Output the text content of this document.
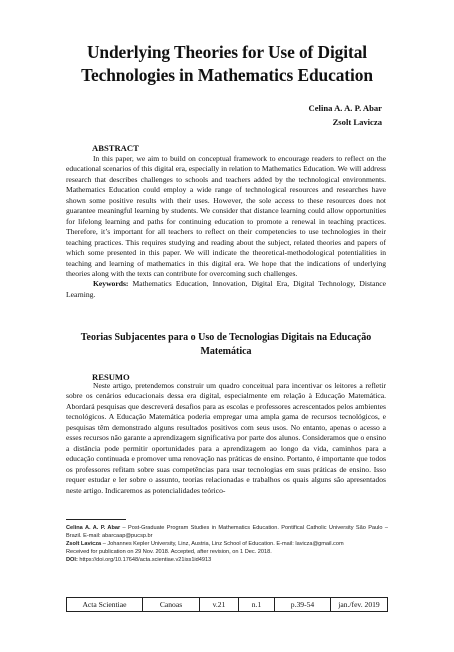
Underlying Theories for Use of Digital Technologies in Mathematics Education
Celina A. A. P. Abar
Zsolt Lavicza
ABSTRACT

In this paper, we aim to build on conceptual framework to encourage readers to reflect on the educational scenarios of this digital era, especially in relation to Mathematics Education. We will address research that describes challenges to schools and teachers added by the technological environments. Mathematics Education could employ a wide range of technological resources and researches have shown some positive results with their uses. However, the sole access to these resources does not guarantee meaningful learning by students. We consider that distance learning could allow opportunities for lifelong learning and paths for continuing education to promote a renewal in teaching practices. Therefore, it’s important for all teachers to reflect on their competencies to use technologies in their teaching practices. This requires studying and reading about the subject, related theories and papers of which some presented in this paper. We will indicate the theoretical-methodological potentialities in teaching and learning of mathematics in this digital era. We hope that the indications of underlying theories along with the texts can contribute for overcoming such challenges.

Keywords: Mathematics Education, Innovation, Digital Era, Digital Technology, Distance Learning.

Teorias Subjacentes para o Uso de Tecnologias Digitais na Educação Matemática
RESUMO

Neste artigo, pretendemos construir um quadro conceitual para incentivar os leitores a refletir sobre os cenários educacionais dessa era digital, especialmente em relação à Educação Matemática. Abordará pesquisas que descreverá desafios para as escolas e professores acrescentados pelos ambientes tecnológicos. A Educação Matemática poderia empregar uma ampla gama de recursos tecnológicos, e pesquisas têm demonstrado alguns resultados positivos com seus usos. No entanto, apenas o acesso a esses recursos não garante a aprendizagem significativa por parte dos alunos. Consideramos que o ensino a distância pode permitir oportunidades para a aprendizagem ao longo da vida, caminhos para a educação continuada e promover uma renovação nas práticas de ensino. Portanto, é importante que todos os professores refitam sobre suas competências para usar tecnologias em suas práticas de ensino. Isso requer estudar e ler sobre o assunto, teorias relacionadas e trabalhos os quais alguns são apresentados neste artigo. Indicaremos as potencialidades teórico-

Celina A. A. P. Abar – Post-Graduate Program Studies in Mathematics Education. Pontifical Catholic University São Paulo – Brazil. E-mail: abarcaap@pucsp.br
Zsolt Lavicza – Johannes Kepler University, Linz, Austria, Linz School of Education. E-mail: lavicza@gmail.com
Received for publication on 29 Nov. 2018. Accepted, after revision, on 1 Dec. 2018.
DOI: https://doi.org/10.17648/acta.scientiae.v21iss1id4913
Acta Scientiae	Canoas	v.21	n.1	p.39-54	jan./fev. 2019
